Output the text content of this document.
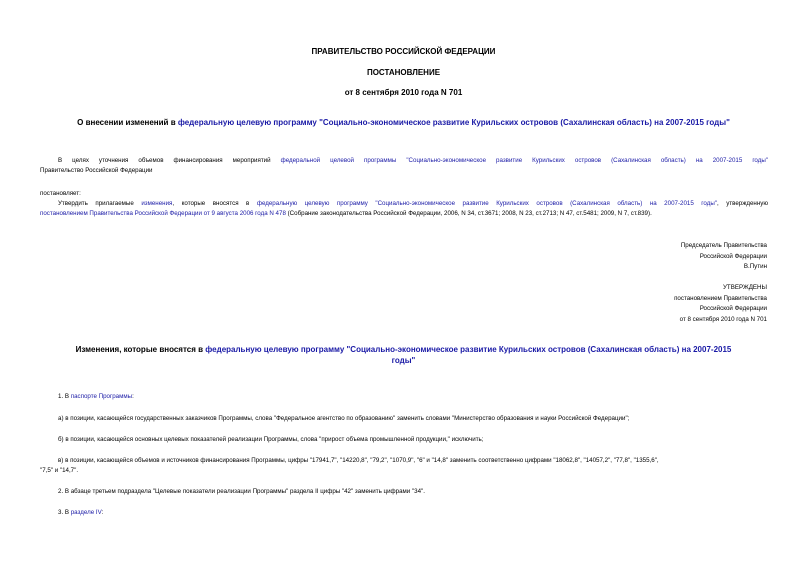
ПРАВИТЕЛЬСТВО РОССИЙСКОЙ ФЕДЕРАЦИИ
ПОСТАНОВЛЕНИЕ
от 8 сентября 2010 года N 701
О внесении изменений в федеральную целевую программу "Социально-экономическое развитие Курильских островов (Сахалинская область) на 2007-2015 годы"
В целях уточнения объемов финансирования мероприятий федеральной целевой программы "Социально-экономическое развитие Курильских островов (Сахалинская область) на 2007-2015 годы"
Правительство Российской Федерации
постановляет:
Утвердить прилагаемые изменения, которые вносятся в федеральную целевую программу "Социально-экономическое развитие Курильских островов (Сахалинская область) на 2007-2015 годы", утвержденную
постановлением Правительства Российской Федерации от 9 августа 2006 года N 478 (Собрание законодательства Российской Федерации, 2006, N 34, ст.3671; 2008, N 23, ст.2713; N 47, ст.5481; 2009, N 7, ст.839).
Председатель Правительства
Российской Федерации
В.Путин
УТВЕРЖДЕНЫ
постановлением Правительства
Российской Федерации
от 8 сентября 2010 года N 701
Изменения, которые вносятся в федеральную целевую программу "Социально-экономическое развитие Курильских островов (Сахалинская область) на 2007-2015
годы"
1. В паспорте Программы:
а) в позиции, касающейся государственных заказчиков Программы, слова "Федеральное агентство по образованию" заменить словами "Министерство образования и науки Российской Федерации";
б) в позиции, касающейся основных целевых показателей реализации Программы, слова "прирост объема промышленной продукции," исключить;
в) в позиции, касающейся объемов и источников финансирования Программы, цифры "17941,7", "14220,8", "79,2", "1070,9", "6" и "14,8" заменить соответственно цифрами "18062,8", "14057,2", "77,8", "1355,6",
"7,5" и "14,7".
2. В абзаце третьем подраздела "Целевые показатели реализации Программы" раздела II цифры "42" заменить цифрами "34".
3. В разделе IV:
